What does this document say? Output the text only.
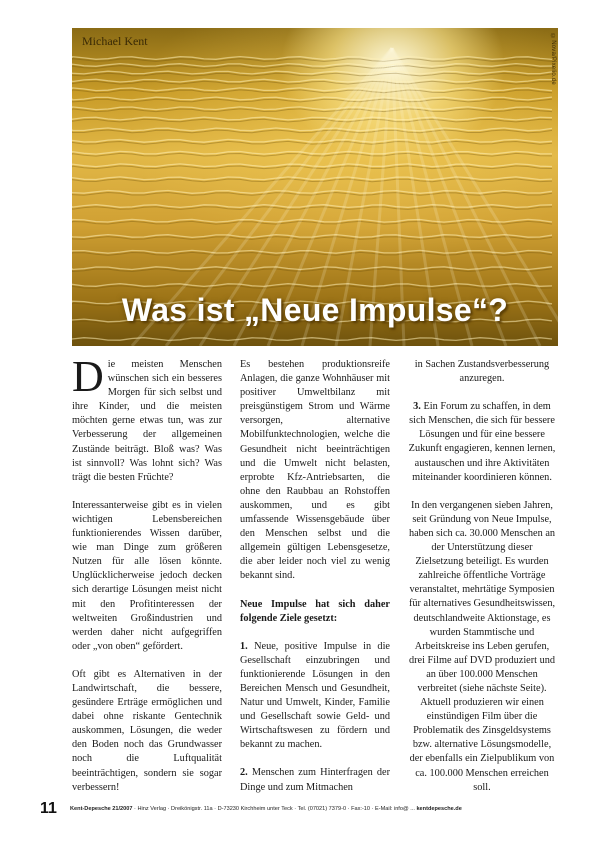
Michael Kent	©Nova/Pixelio.de
Was ist „Neue Impulse“?

Die meisten Menschen wünschen sich ein besseres Morgen für sich selbst und ihre Kinder, und die meisten möchten gerne etwas tun, was zur Verbesserung der allgemeinen Zustände beiträgt. Bloß was? Was ist sinnvoll? Was lohnt sich? Was trägt die besten Früchte?

Interessanterweise gibt es in vielen wichtigen Lebensbereichen funktionierendes Wissen darüber, wie man Dinge zum größeren Nutzen für alle lösen könnte. Unglücklicherweise jedoch decken sich derartige Lösungen meist nicht mit den Profitinteressen der weltweiten Großindustrien und werden daher nicht aufgegriffen oder „von oben“ gefördert.

Oft gibt es Alternativen in der Landwirtschaft, die bessere, gesündere Erträge ermöglichen und dabei ohne riskante Gentechnik auskommen, Lösungen, die weder den Boden noch das Grundwasser noch die Luftqualität beeinträchtigen, sondern sie sogar verbessern!

Es bestehen produktionsreife Anlagen, die ganze Wohnhäuser mit positiver Umweltbilanz mit preisgünstigem Strom und Wärme versorgen, alternative Mobilfunktechnologien, welche die Gesundheit nicht beeinträchtigen und die Umwelt nicht belasten, erprobte Kfz-Antriebsarten, die ohne den Raubbau an Rohstoffen auskommen, und es gibt umfassende Wissensgebäude über den Menschen selbst und die allgemein gültigen Lebensgesetze, die aber leider noch viel zu wenig bekannt sind.

Neue Impulse hat sich daher folgende Ziele gesetzt:

1. Neue, positive Impulse in die Gesellschaft einzubringen und funktionierende Lösungen in den Bereichen Mensch und Gesundheit, Natur und Umwelt, Kinder, Familie und Gesellschaft sowie Geld- und Wirtschaftswesen zu fördern und bekannt zu machen.

2. Menschen zum Hinterfragen der Dinge und zum Mitmachen

in Sachen Zustandsverbesserung anzuregen.

3. Ein Forum zu schaffen, in dem sich Menschen, die sich für bessere Lösungen und für eine bessere Zukunft engagieren, kennen lernen, austauschen und ihre Aktivitäten miteinander koordinieren können.

In den vergangenen sieben Jahren, seit Gründung von Neue Impulse, haben sich ca. 30.000 Menschen an der Unterstützung dieser Zielsetzung beteiligt. Es wurden zahlreiche öffentliche Vorträge veranstaltet, mehrtätige Symposien für alternatives Gesundheitswissen, deutschlandweite Aktionstage, es wurden Stammtische und Arbeitskreise ins Leben gerufen, drei Filme auf DVD produziert und an über 100.000 Menschen verbreitet (siehe nächste Seite). Aktuell produzieren wir einen einstündigen Film über die Problematik des Zinsgeldsystems bzw. alternative Lösungsmodelle, der ebenfalls ein Zielpublikum von ca. 100.000 Menschen erreichen soll.

11 Kent-Depesche 21/2007 · Hinz Verlag · Dreikönigstr. 11a · D-73230 Kirchheim unter Teck · Tel. (07021) 7379-0 · Fax:-10 · E-Mail: info@ ... kentdepesche.de
